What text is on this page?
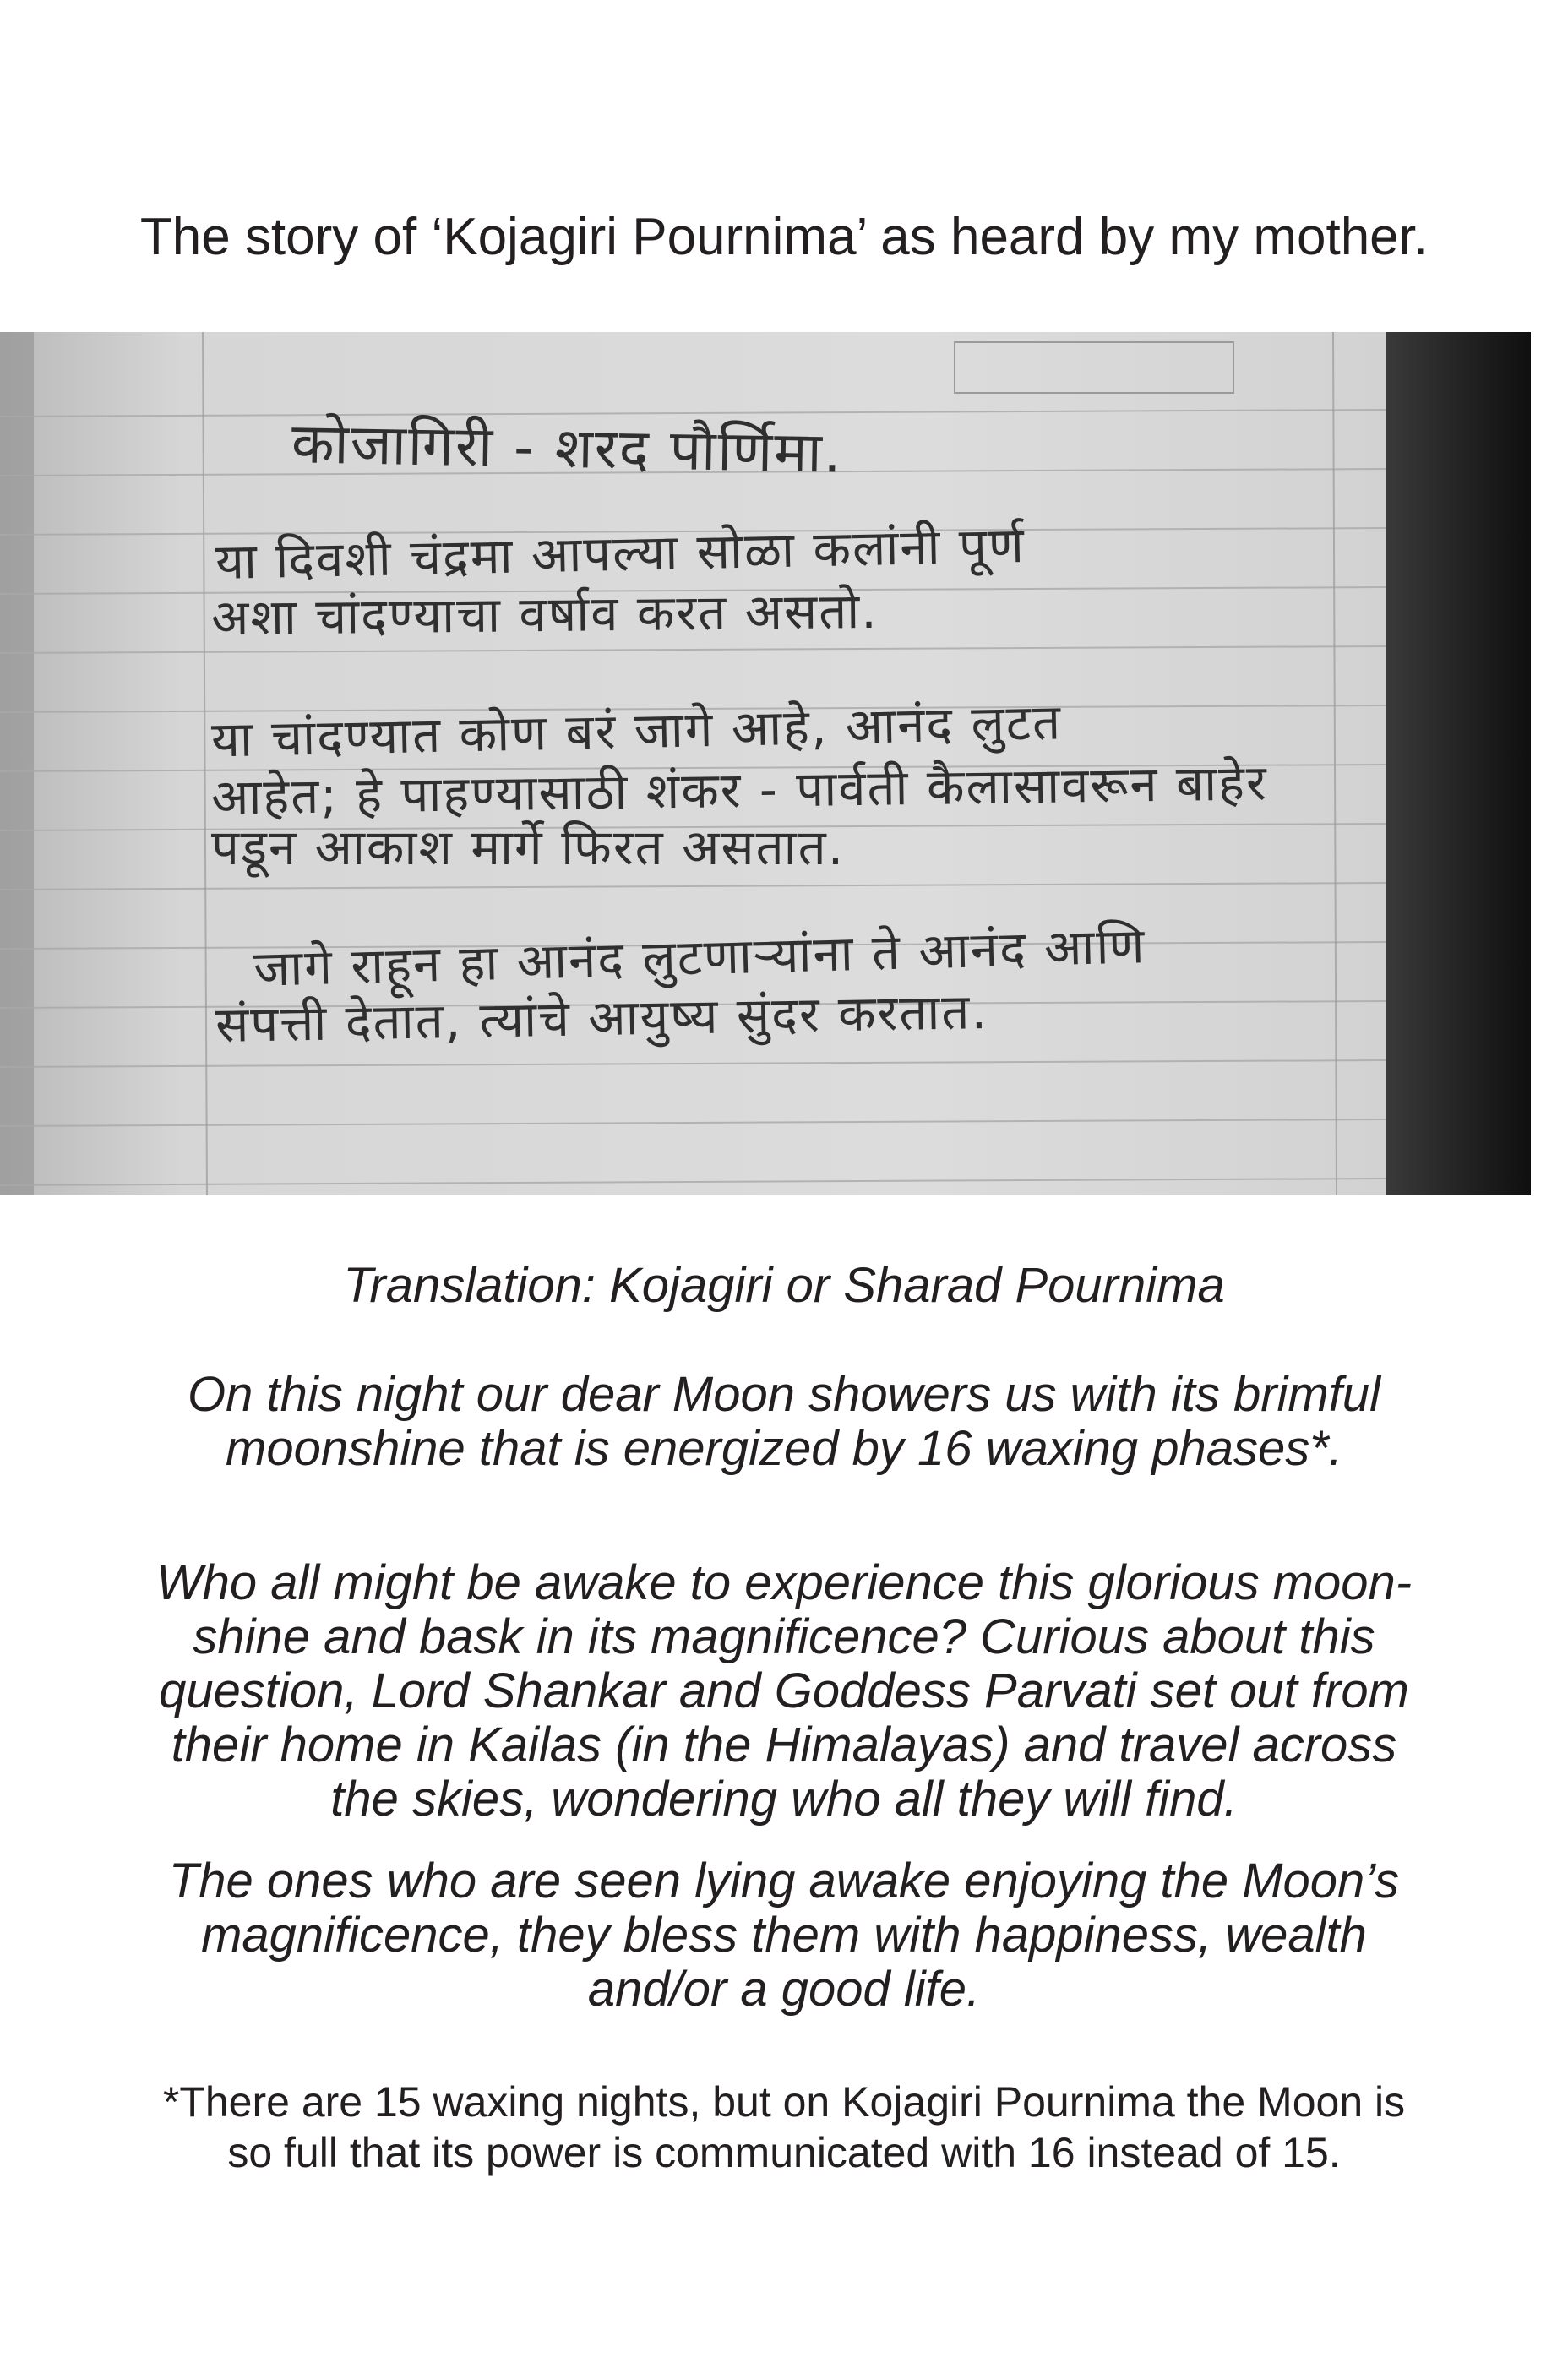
The story of ‘Kojagiri Pournima’ as heard by my mother.

कोजागिरी - शरद पौर्णिमा.

या दिवशी चंद्रमा आपल्या सोळा कलांनी पूर्ण

अशा चांदण्याचा वर्षाव करत असतो.

या चांदण्यात कोण बरं जागे आहे, आनंद लुटत

आहेत; हे पाहण्यासाठी शंकर - पार्वती कैलासावरून बाहेर

पडून आकाश मार्गे फिरत असतात.

जागे राहून हा आनंद लुटणाऱ्यांना ते आनंद आणि

संपत्ती देतात, त्यांचे आयुष्य सुंदर करतात.

Translation: Kojagiri or Sharad Pournima

On this night our dear Moon showers us with its brimful
moonshine that is energized by 16 waxing phases*.

Who all might be awake to experience this glorious moon-
shine and bask in its magnificence? Curious about this
question, Lord Shankar and Goddess Parvati set out from
their home in Kailas (in the Himalayas) and travel across
the skies, wondering who all they will find.

The ones who are seen lying awake enjoying the Moon’s
magnificence, they bless them with happiness, wealth
and/or a good life.

*There are 15 waxing nights, but on Kojagiri Pournima the Moon is
so full that its power is communicated with 16 instead of 15.
